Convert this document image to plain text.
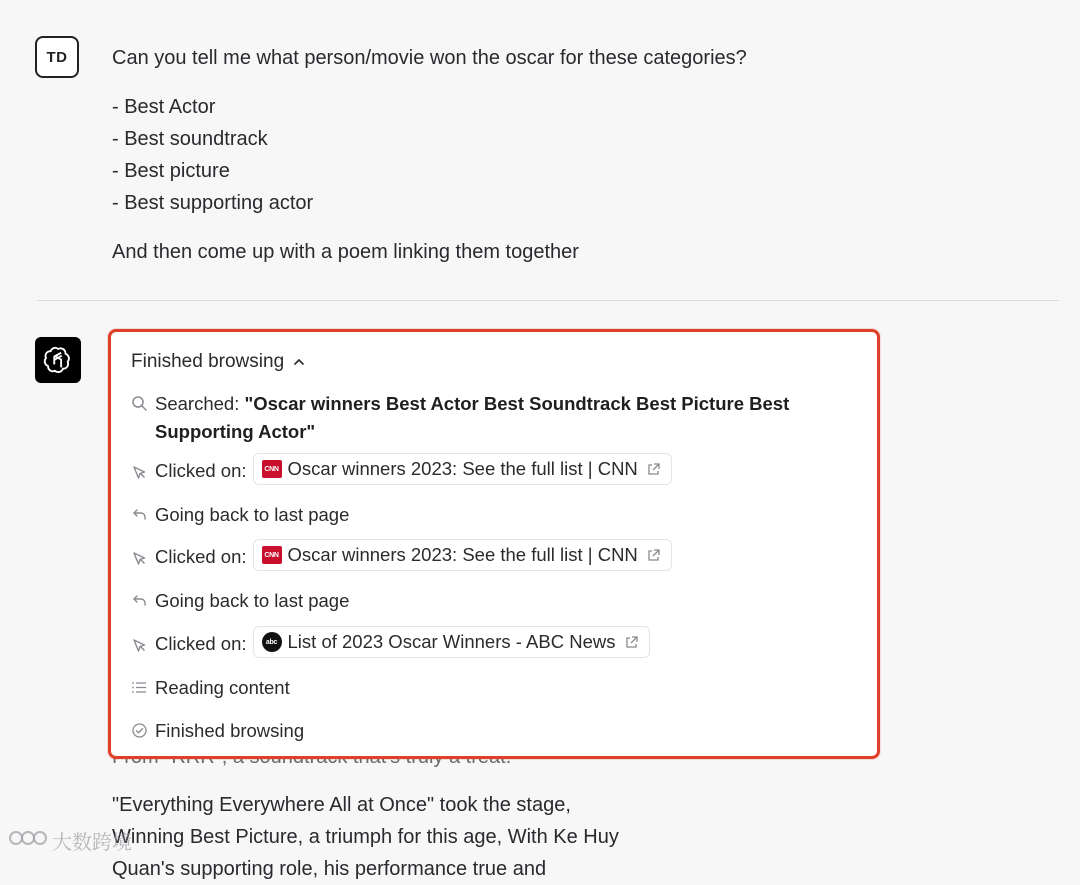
TD	Can you tell me what person/movie won the oscar for these categories?
- Best Actor
- Best soundtrack
- Best picture
- Best supporting actor
And then come up with a poem linking them together
"Everything Everywhere All at Once" took the stage,
Winning Best Picture, a triumph for this age, With Ke Huy
Quan's supporting role, his performance true and
Finished browsing
Searched: "Oscar winners Best Actor Best Soundtrack Best Picture Best
Supporting Actor"
Clicked on:	CNN Oscar winners 2023: See the full list | CNN
Going back to last page
Clicked on:	CNN Oscar winners 2023: See the full list | CNN
Going back to last page
Clicked on:	abc List of 2023 Oscar Winners - ABC News
Reading content
Finished browsing
大数跨境
